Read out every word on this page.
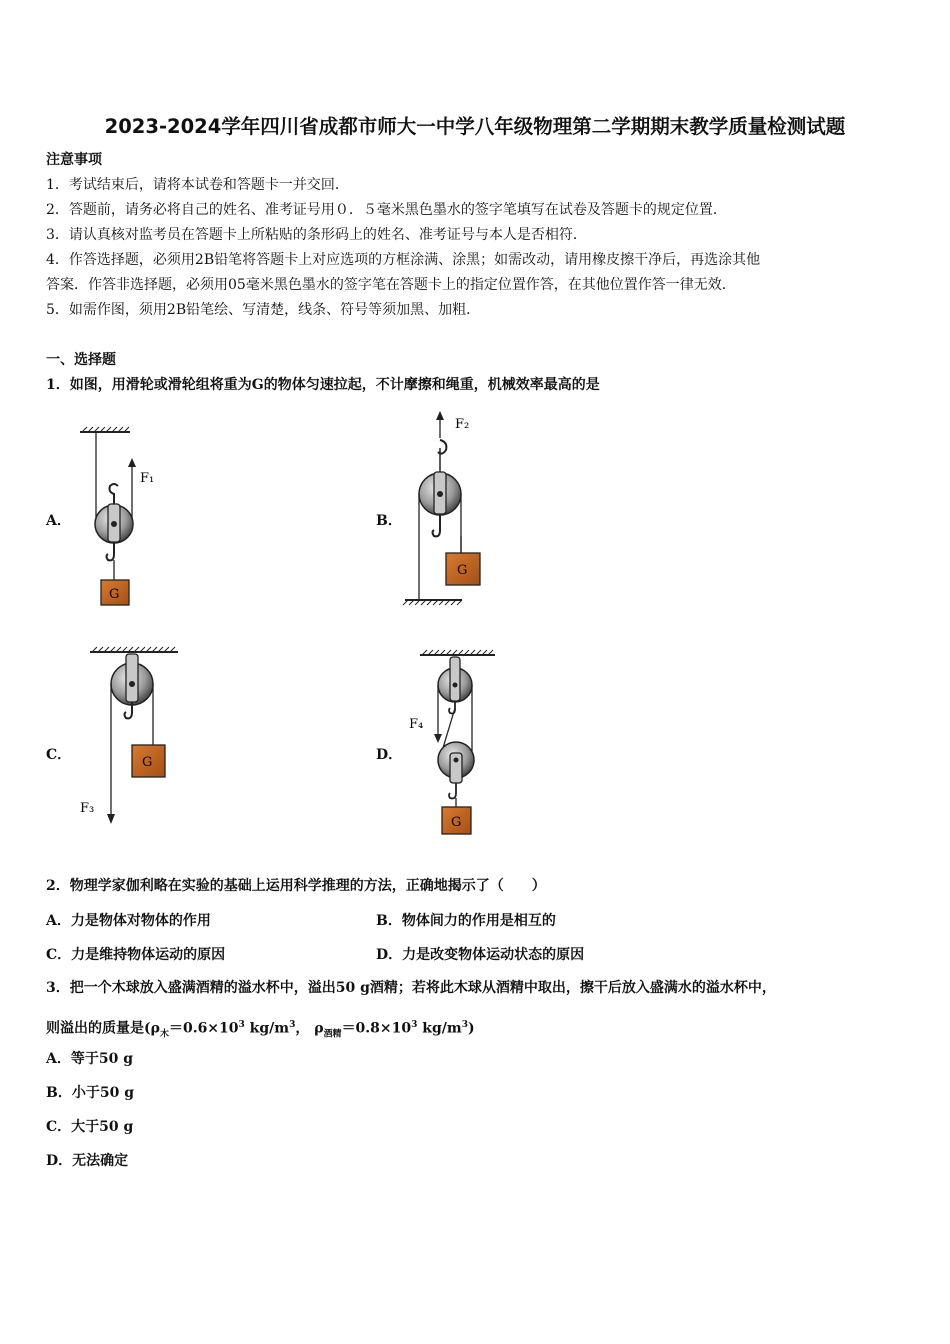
2023-2024学年四川省成都市师大一中学八年级物理第二学期期末教学质量检测试题
注意事项
1．考试结束后，请将本试卷和答题卡一并交回．
2．答题前，请务必将自己的姓名、准考证号用０．５毫米黑色墨水的签字笔填写在试卷及答题卡的规定位置．
3．请认真核对监考员在答题卡上所粘贴的条形码上的姓名、准考证号与本人是否相符．
4．作答选择题，必须用2B铅笔将答题卡上对应选项的方框涂满、涂黑；如需改动，请用橡皮擦干净后，再选涂其他
答案．作答非选择题，必须用05毫米黑色墨水的签字笔在答题卡上的指定位置作答，在其他位置作答一律无效．
5．如需作图，须用2B铅笔绘、写清楚，线条、符号等须加黑、加粗．
一、选择题
1．如图，用滑轮或滑轮组将重为G的物体匀速拉起，不计摩擦和绳重，机械效率最高的是
A．	B．
C．	D．
F₁
G
F₂
G
G
F₃
F₄
G
2．物理学家伽利略在实验的基础上运用科学推理的方法，正确地揭示了（　　）
A．力是物体对物体的作用	B．物体间力的作用是相互的
C．力是维持物体运动的原因	D．力是改变物体运动状态的原因
3．把一个木球放入盛满酒精的溢水杯中，溢出50 g酒精；若将此木球从酒精中取出，擦干后放入盛满水的溢水杯中，
则溢出的质量是($\rho_木=0.6\times 10^3$ $kg/m^3$， $\rho_{酒精}=0.8\times 10^3$ $kg/m^3$)
A．等于50 g
B．小于50 g
C．大于50 g
D．无法确定
